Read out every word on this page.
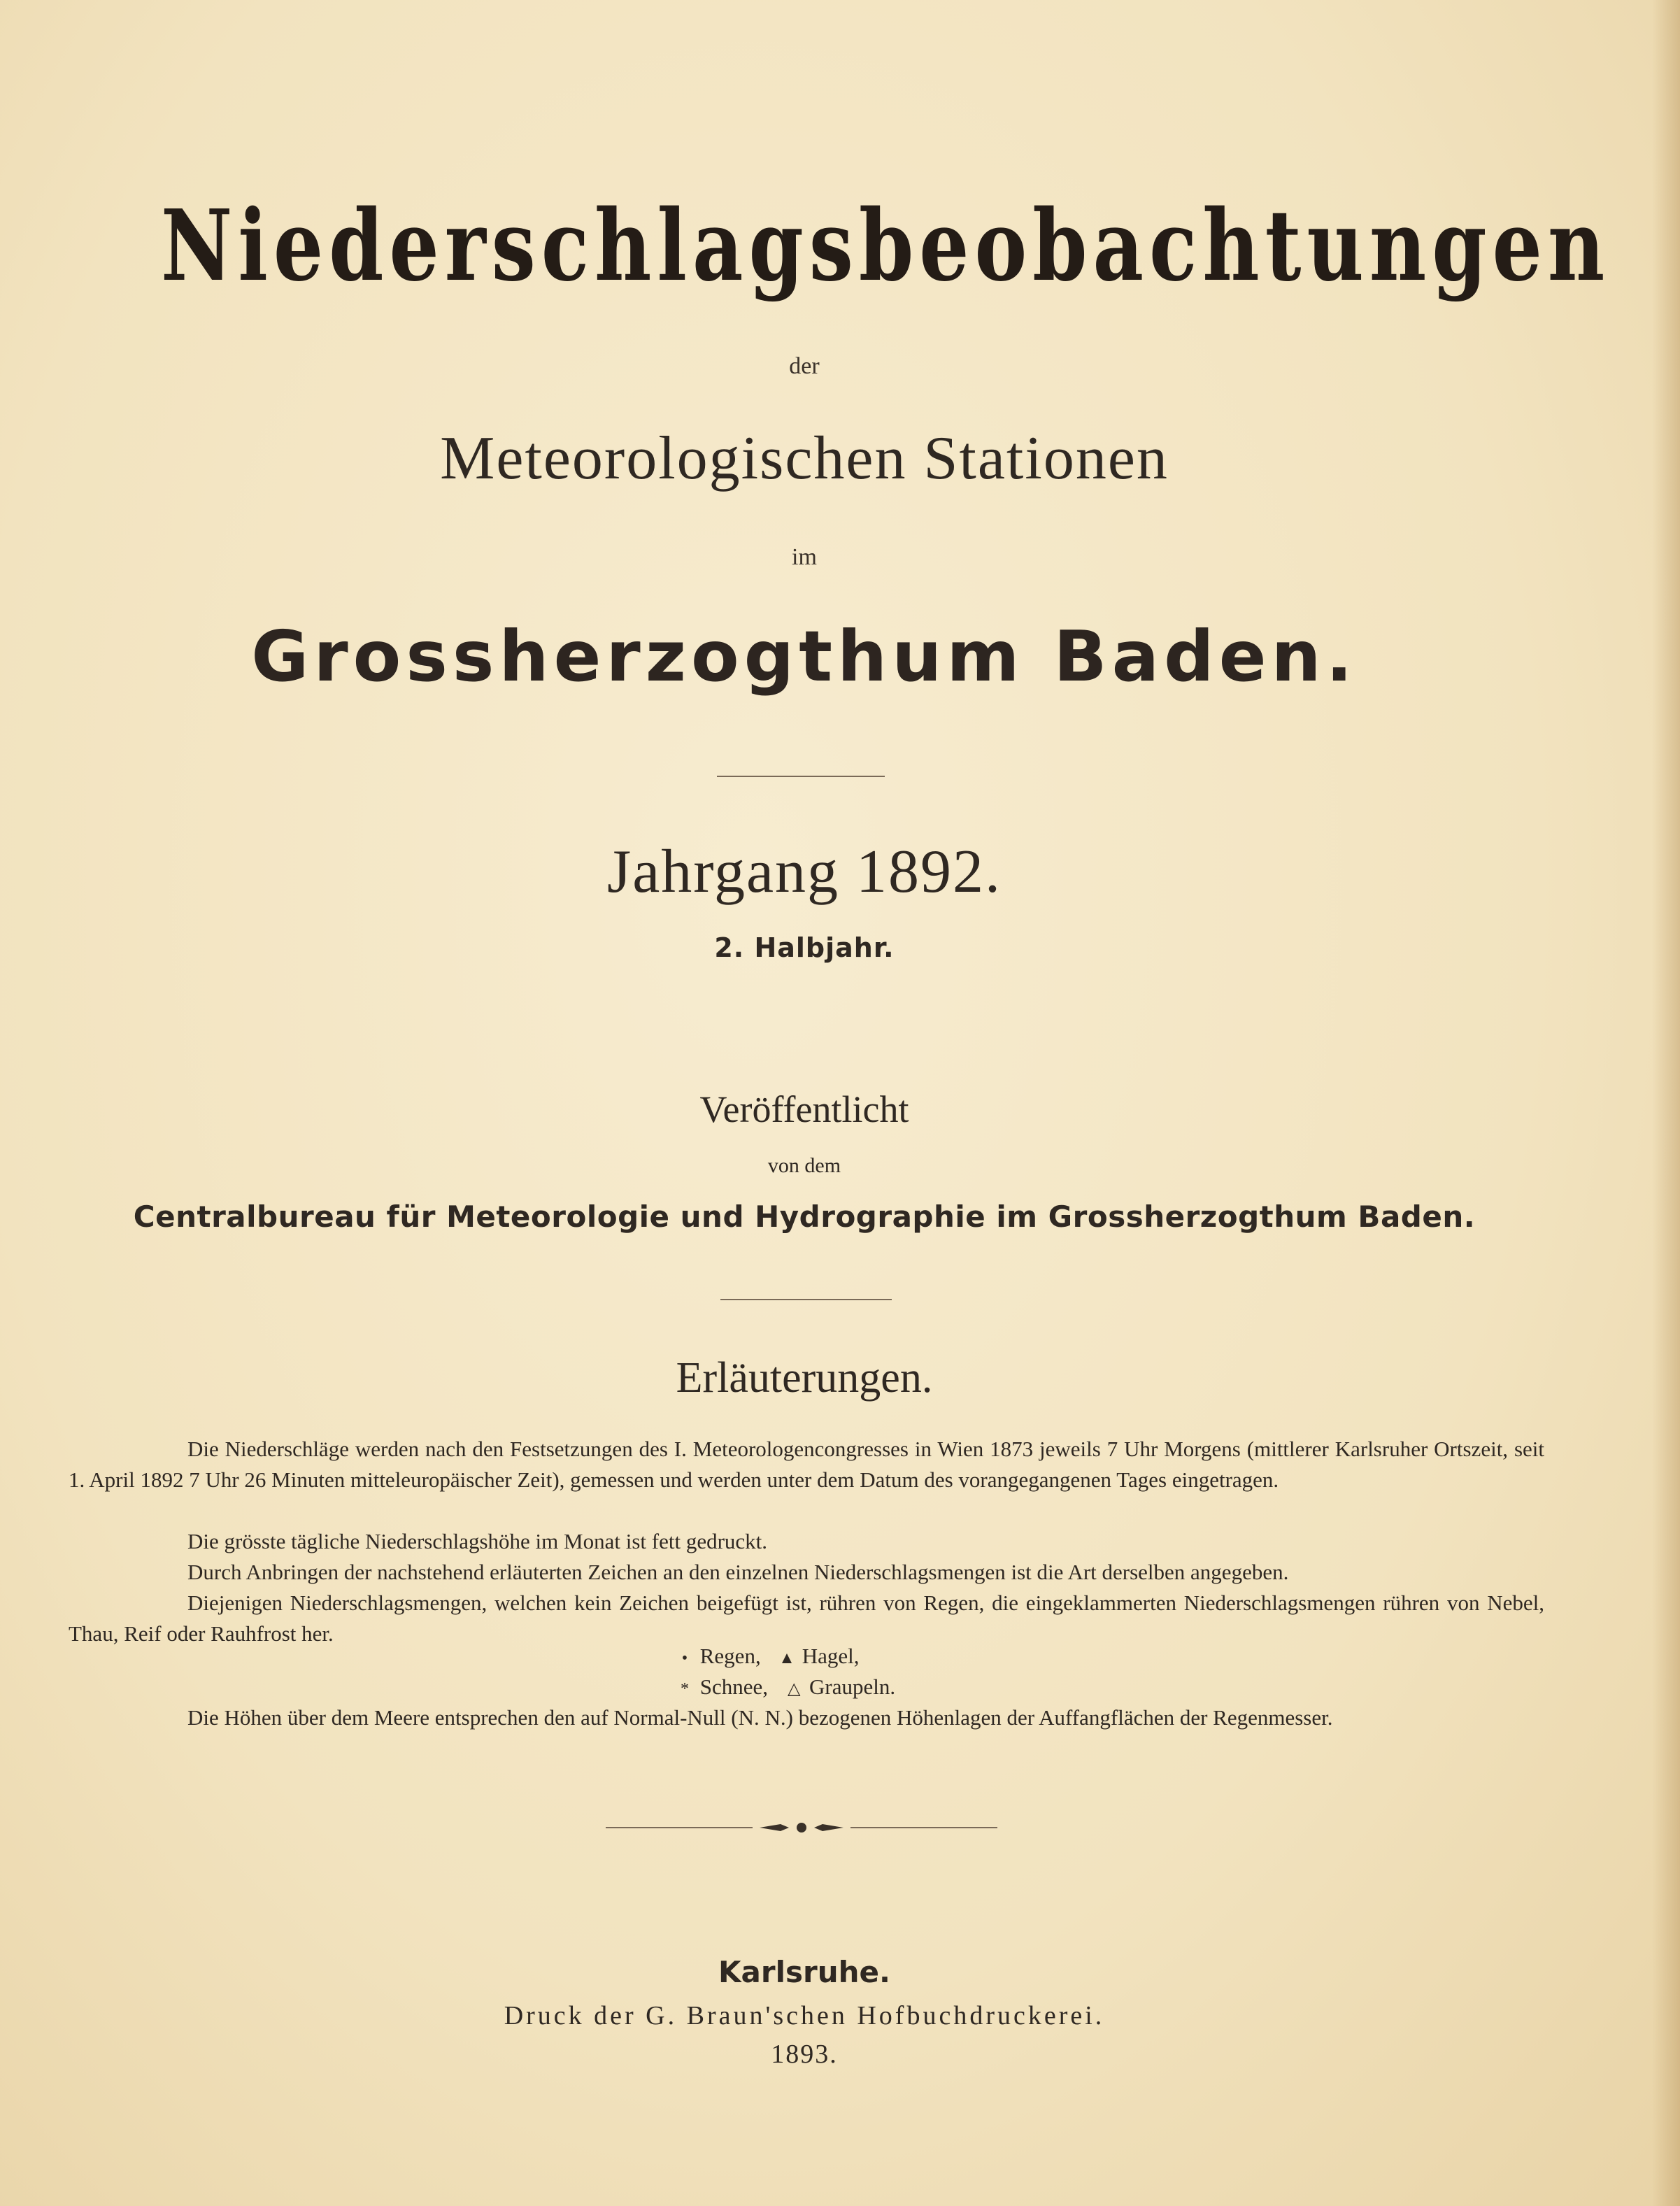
Niederschlagsbeobachtungen
der
Meteorologischen Stationen
im
Grossherzogthum Baden.
Jahrgang 1892.
2. Halbjahr.
Veröffentlicht
von dem
Centralbureau für Meteorologie und Hydrographie im Grossherzogthum Baden.
Erläuterungen.
Die Niederschläge werden nach den Festsetzungen des I. Meteorologencongresses in Wien 1873 jeweils 7 Uhr Morgens (mittlerer Karlsruher Ortszeit, seit 1. April 1892 7 Uhr 26 Minuten mitteleuropäischer Zeit), gemessen und werden unter dem Datum des vorangegangenen Tages eingetragen.
Die grösste tägliche Niederschlagshöhe im Monat ist fett gedruckt.
Durch Anbringen der nachstehend erläuterten Zeichen an den einzelnen Niederschlagsmengen ist die Art derselben angegeben.
Diejenigen Niederschlagsmengen, welchen kein Zeichen beigefügt ist, rühren von Regen, die eingeklammerten Niederschlagsmengen rühren von Nebel, Thau, Reif oder Rauhfrost her.
• Regen, ▲ Hagel,
* Schnee, △ Graupeln.
Die Höhen über dem Meere entsprechen den auf Normal-Null (N. N.) bezogenen Höhenlagen der Auffangflächen der Regenmesser.
Karlsruhe.
Druck der G. Braun'schen Hofbuchdruckerei.
1893.
